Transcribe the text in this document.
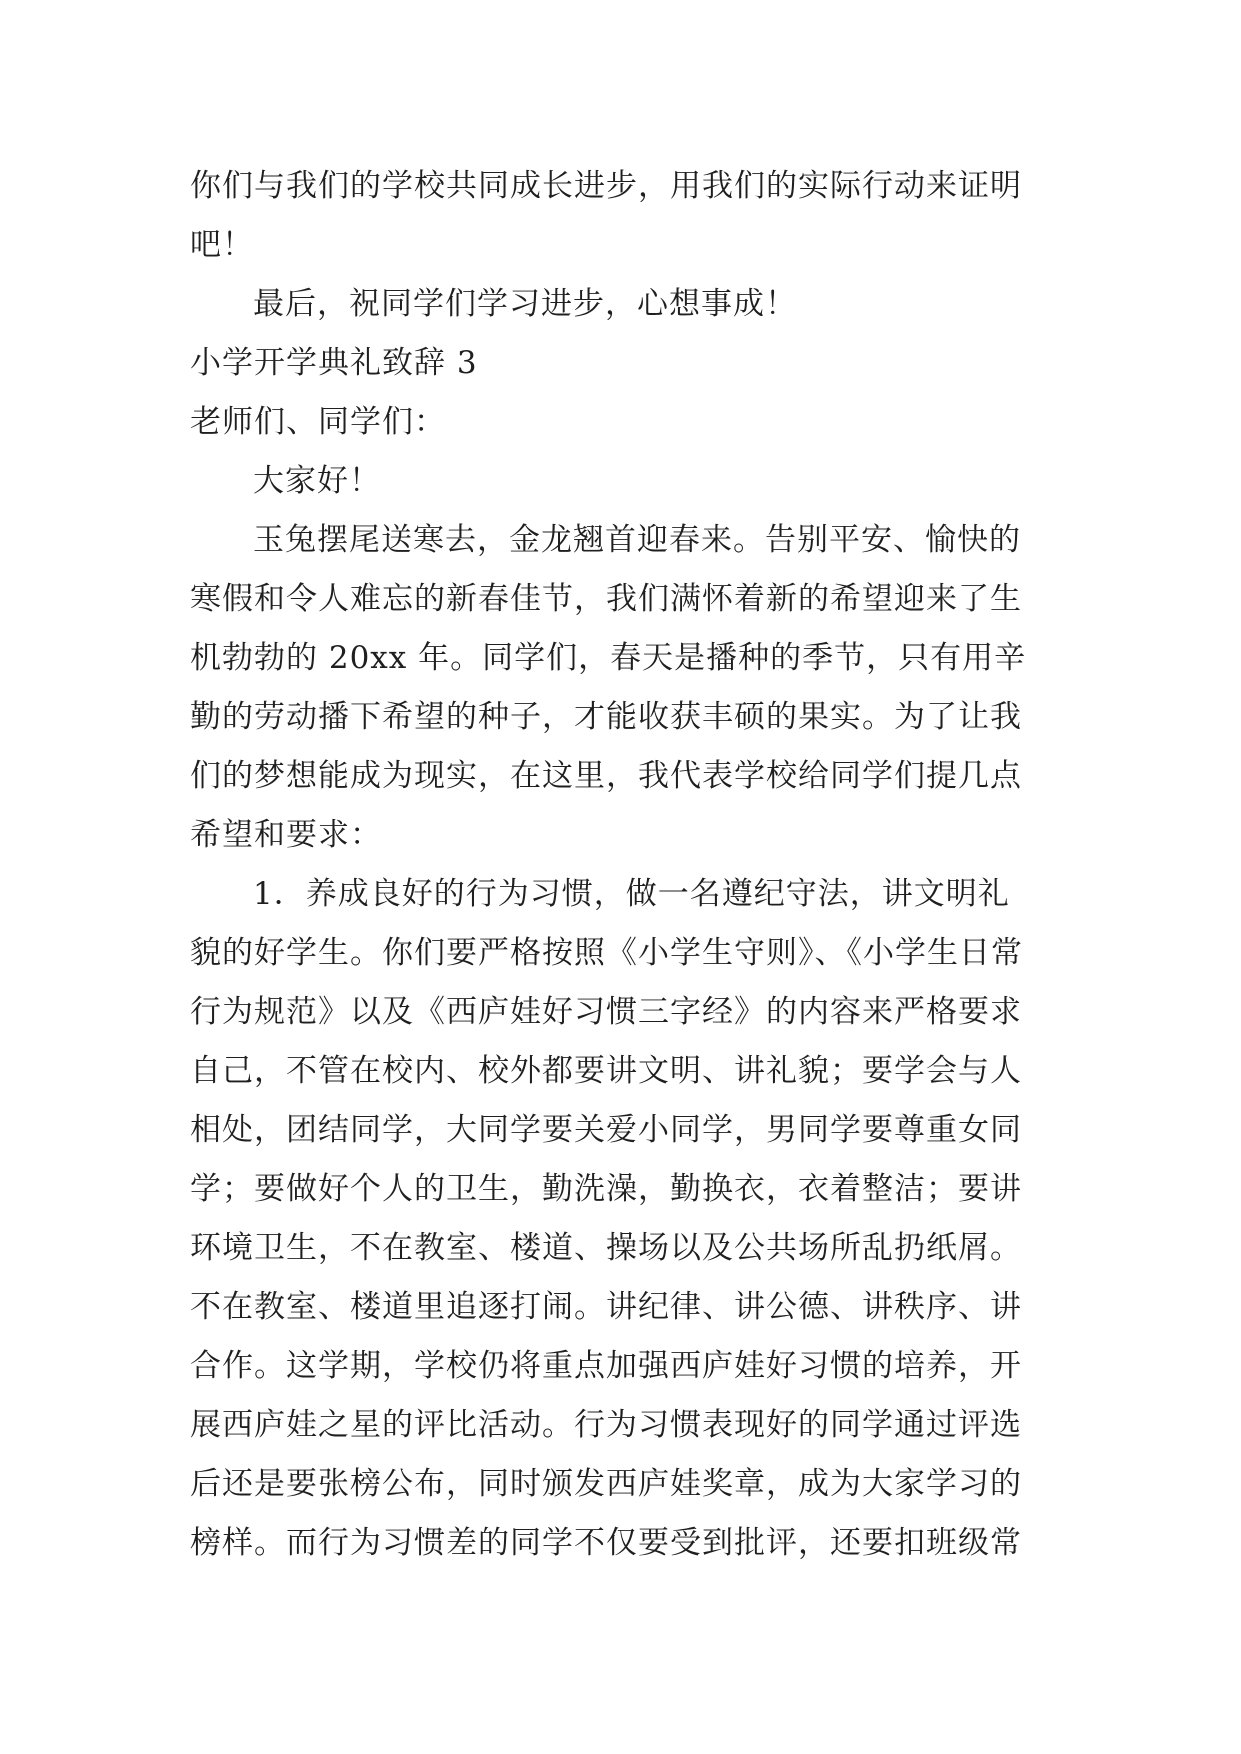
你们与我们的学校共同成长进步，用我们的实际行动来证明
吧！
最后，祝同学们学习进步，心想事成！
小学开学典礼致辞 3
老师们、同学们：
大家好！
玉兔摆尾送寒去，金龙翘首迎春来。告别平安、愉快的
寒假和令人难忘的新春佳节，我们满怀着新的希望迎来了生
机勃勃的 20xx 年。同学们，春天是播种的季节，只有用辛
勤的劳动播下希望的种子，才能收获丰硕的果实。为了让我
们的梦想能成为现实，在这里，我代表学校给同学们提几点
希望和要求：
1．养成良好的行为习惯，做一名遵纪守法，讲文明礼
貌的好学生。你们要严格按照《小学生守则》、《小学生日常
行为规范》以及《西庐娃好习惯三字经》的内容来严格要求
自己，不管在校内、校外都要讲文明、讲礼貌；要学会与人
相处，团结同学，大同学要关爱小同学，男同学要尊重女同
学；要做好个人的卫生，勤洗澡，勤换衣，衣着整洁；要讲
环境卫生，不在教室、楼道、操场以及公共场所乱扔纸屑。
不在教室、楼道里追逐打闹。讲纪律、讲公德、讲秩序、讲
合作。这学期，学校仍将重点加强西庐娃好习惯的培养，开
展西庐娃之星的评比活动。行为习惯表现好的同学通过评选
后还是要张榜公布，同时颁发西庐娃奖章，成为大家学习的
榜样。而行为习惯差的同学不仅要受到批评，还要扣班级常
